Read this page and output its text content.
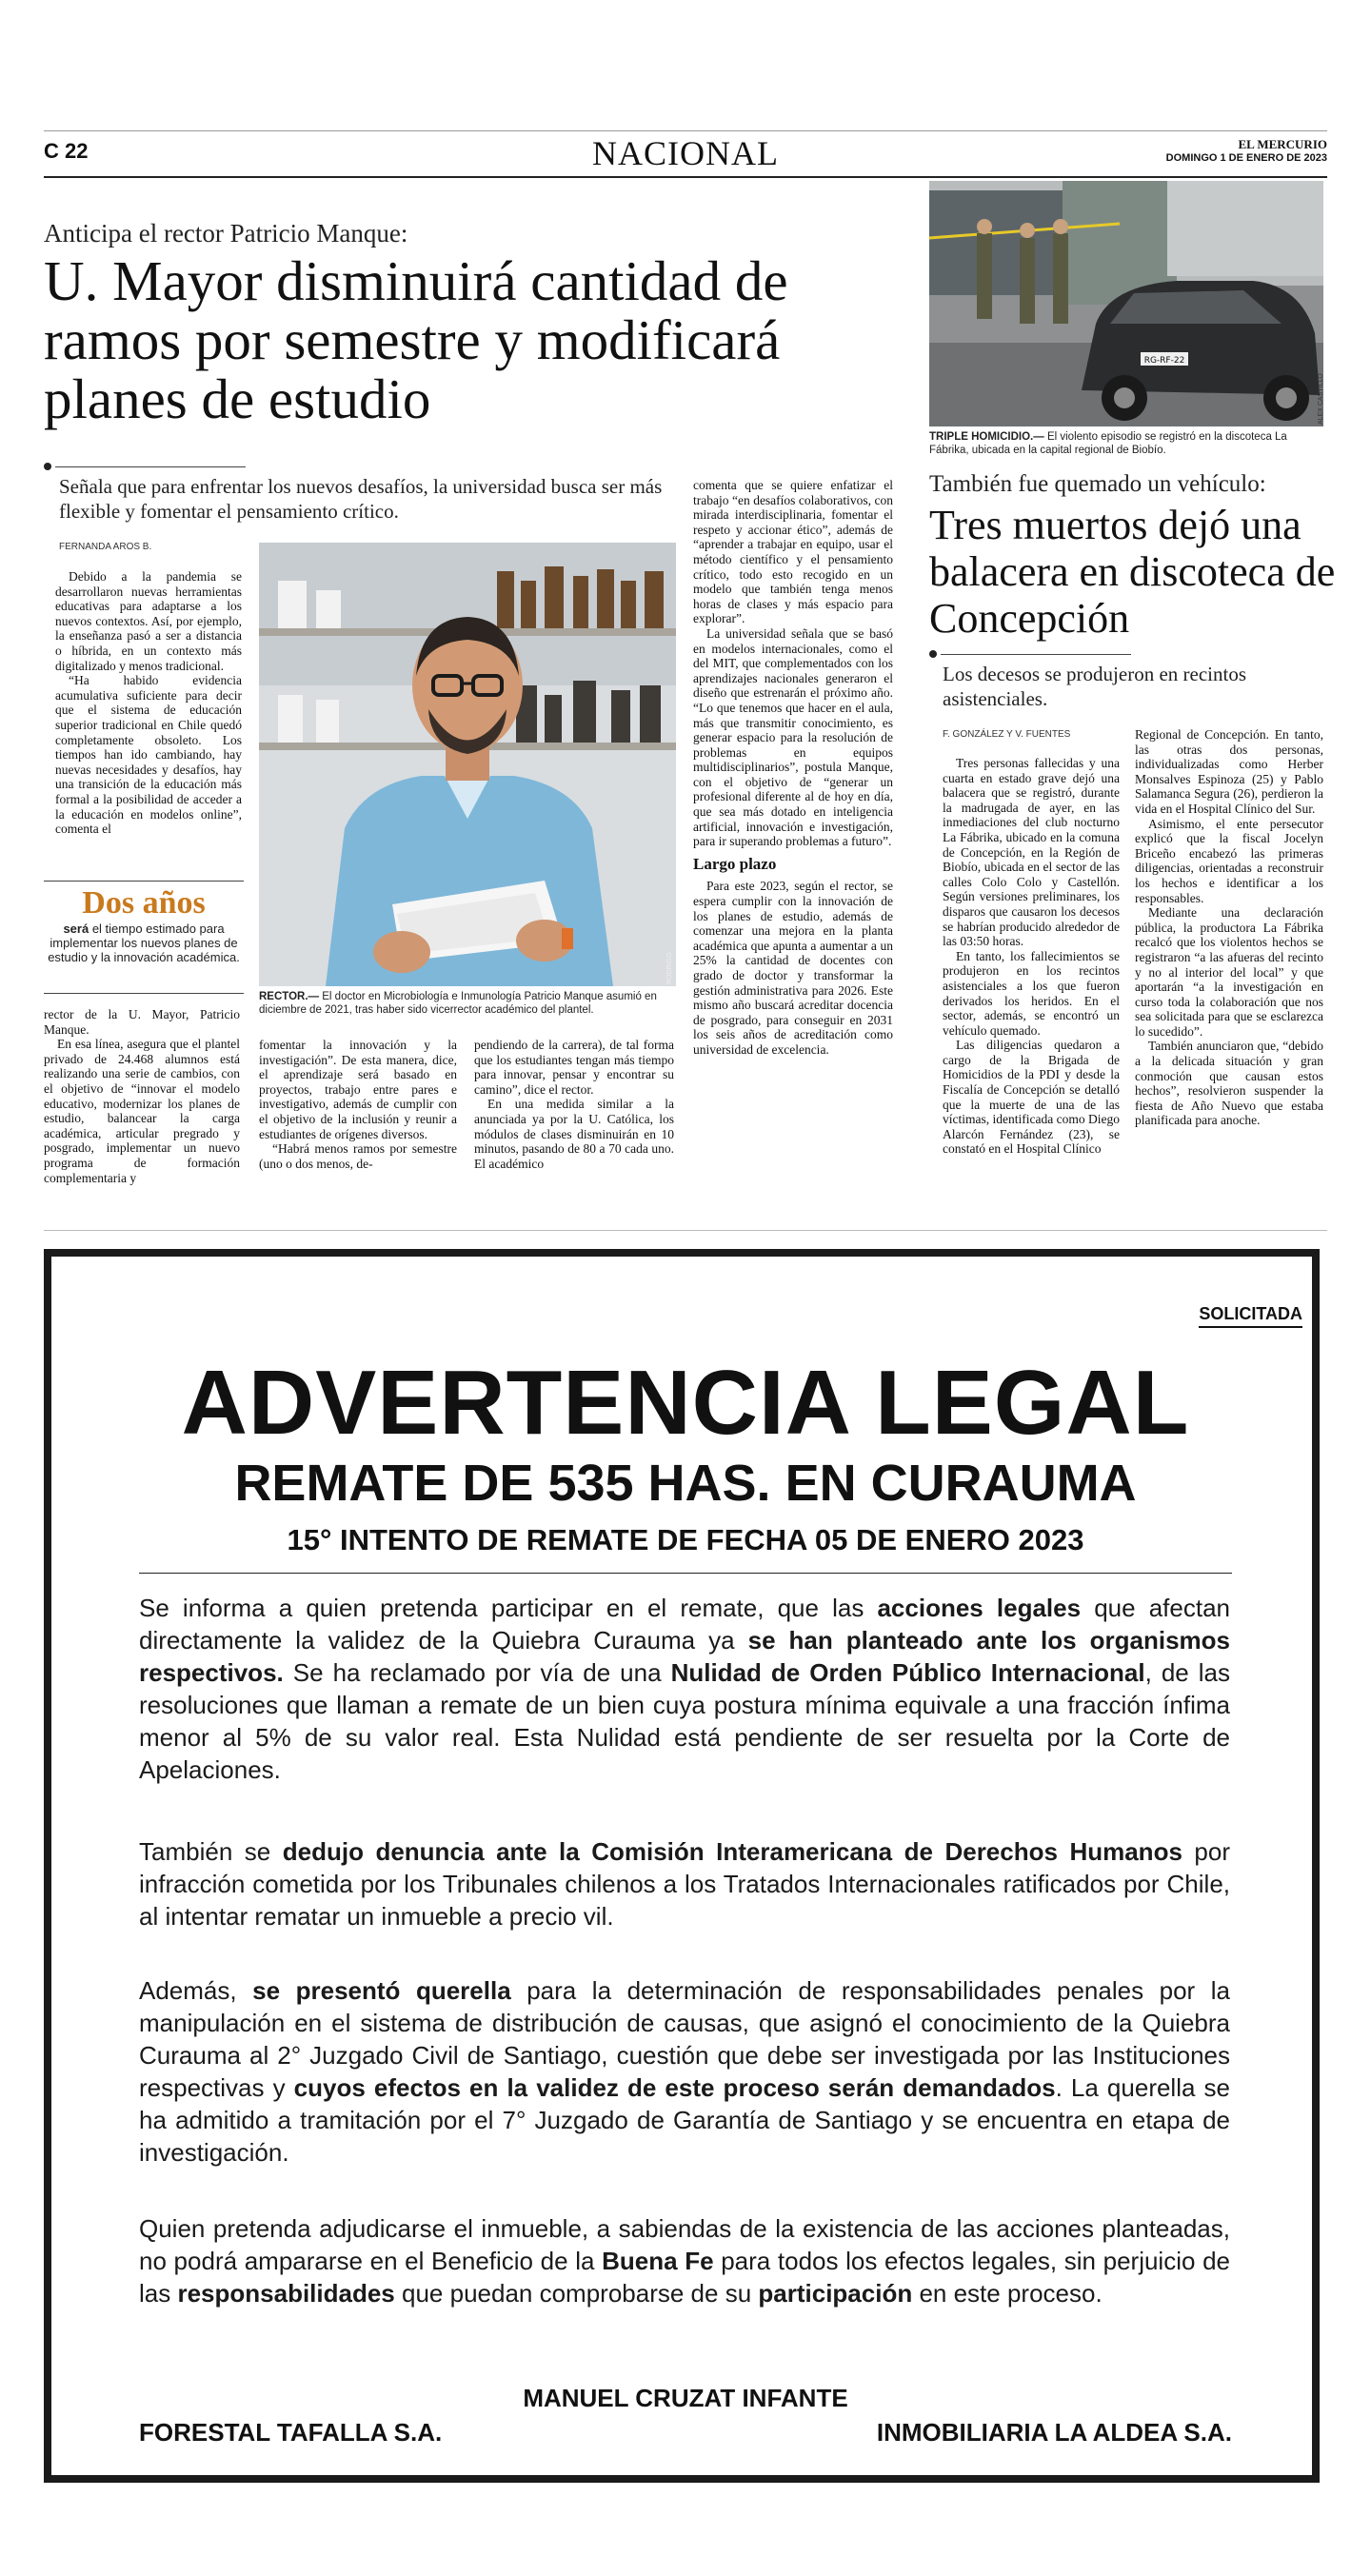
C 22	NACIONAL	EL MERCURIO
DOMINGO 1 DE ENERO DE 2023
Anticipa el rector Patricio Manque:
U. Mayor disminuirá cantidad de ramos por semestre y modificará planes de estudio
Señala que para enfrentar los nuevos desafíos, la universidad busca ser más flexible y fomentar el pensamiento crítico.
FERNANDA AROS B.

Debido a la pandemia se desarrollaron nuevas herramientas educativas para adaptarse a los nuevos contextos. Así, por ejemplo, la enseñanza pasó a ser a distancia o híbrida, en un contexto más digitalizado y menos tradicional.

“Ha habido evidencia acumulativa suficiente para decir que el sistema de educación superior tradicional en Chile quedó completamente obsoleto. Los tiempos han ido cambiando, hay nuevas necesidades y desafíos, hay una transición de la educación más formal a la posibilidad de acceder a la educación en modelos online”, comenta el

Dos años
será el tiempo estimado para implementar los nuevos planes de estudio y la innovación académica.

rector de la U. Mayor, Patricio Manque.

En esa línea, asegura que el plantel privado de 24.468 alumnos está realizando una serie de cambios, con el objetivo de “innovar el modelo educativo, modernizar los planes de estudio, balancear la carga académica, articular pregrado y posgrado, implementar un nuevo programa de formación complementaria y

RODRIGO
RECTOR.— El doctor en Microbiología e Inmunología Patricio Manque asumió en diciembre de 2021, tras haber sido vicerrector académico del plantel.

fomentar la innovación y la investigación”. De esta manera, dice, el aprendizaje será basado en proyectos, trabajo entre pares e investigativo, además de cumplir con el objetivo de la inclusión y reunir a estudiantes de orígenes diversos.

“Habrá menos ramos por semestre (uno o dos menos, de-

pendiendo de la carrera), de tal forma que los estudiantes tengan más tiempo para innovar, pensar y encontrar su camino”, dice el rector.

En una medida similar a la anunciada ya por la U. Católica, los módulos de clases disminuirán en 10 minutos, pasando de 80 a 70 cada uno. El académico

comenta que se quiere enfatizar el trabajo “en desafíos colaborativos, con mirada interdisciplinaria, fomentar el respeto y accionar ético”, además de “aprender a trabajar en equipo, usar el método científico y el pensamiento crítico, todo esto recogido en un modelo que también tenga menos horas de clases y más espacio para explorar”.

La universidad señala que se basó en modelos internacionales, como el del MIT, que complementados con los aprendizajes nacionales generaron el diseño que estrenarán el próximo año. “Lo que tenemos que hacer en el aula, más que transmitir conocimiento, es generar espacio para la resolución de problemas en equipos multidisciplinarios”, postula Manque, con el objetivo de “generar un profesional diferente al de hoy en día, que sea más dotado en inteligencia artificial, innovación e investigación, para ir superando problemas a futuro”.

Largo plazo

Para este 2023, según el rector, se espera cumplir con la innovación de los planes de estudio, además de comenzar una mejora en la planta académica que apunta a aumentar a un 25% la cantidad de docentes con grado de doctor y transformar la gestión administrativa para 2026. Este mismo año buscará acreditar docencia de posgrado, para conseguir en 2031 los seis años de acreditación como universidad de excelencia.

RG-RF-22
ALEX CASTILLO
TRIPLE HOMICIDIO.— El violento episodio se registró en la discoteca La Fábrika, ubicada en la capital regional de Biobío.
También fue quemado un vehículo:
Tres muertos dejó una balacera en discoteca de Concepción
Los decesos se produjeron en recintos asistenciales.
F. GONZÁLEZ Y V. FUENTES

Tres personas fallecidas y una cuarta en estado grave dejó una balacera que se registró, durante la madrugada de ayer, en las inmediaciones del club nocturno La Fábrika, ubicado en la comuna de Concepción, en la Región de Biobío, ubicada en el sector de las calles Colo Colo y Castellón. Según versiones preliminares, los disparos que causaron los decesos se habrían producido alrededor de las 03:50 horas.

En tanto, los fallecimientos se produjeron en los recintos asistenciales a los que fueron derivados los heridos. En el sector, además, se encontró un vehículo quemado.

Las diligencias quedaron a cargo de la Brigada de Homicidios de la PDI y desde la Fiscalía de Concepción se detalló que la muerte de una de las víctimas, identificada como Diego Alarcón Fernández (23), se constató en el Hospital Clínico

Regional de Concepción. En tanto, las otras dos personas, individualizadas como Herber Monsalves Espinoza (25) y Pablo Salamanca Segura (26), perdieron la vida en el Hospital Clínico del Sur.

Asimismo, el ente persecutor explicó que la fiscal Jocelyn Briceño encabezó las primeras diligencias, orientadas a reconstruir los hechos e identificar a los responsables.

Mediante una declaración pública, la productora La Fábrika recalcó que los violentos hechos se registraron “a las afueras del recinto y no al interior del local” y que aportarán “a la investigación en curso toda la colaboración que nos sea solicitada para que se esclarezca lo sucedido”.

También anunciaron que, “debido a la delicada situación y gran conmoción que causan estos hechos”, resolvieron suspender la fiesta de Año Nuevo que estaba planificada para anoche.

SOLICITADA
ADVERTENCIA LEGAL
REMATE DE 535 HAS. EN CURAUMA
15° INTENTO DE REMATE DE FECHA 05 DE ENERO 2023
Se informa a quien pretenda participar en el remate, que las acciones legales que afectan directamente la validez de la Quiebra Curauma ya se han planteado ante los organismos respectivos. Se ha reclamado por vía de una Nulidad de Orden Público Internacional, de las resoluciones que llaman a remate de un bien cuya postura mínima equivale a una fracción ínfima menor al 5% de su valor real. Esta Nulidad está pendiente de ser resuelta por la Corte de Apelaciones.
También se dedujo denuncia ante la Comisión Interamericana de Derechos Humanos por infracción cometida por los Tribunales chilenos a los Tratados Internacionales ratificados por Chile, al intentar rematar un inmueble a precio vil.
Además, se presentó querella para la determinación de responsabilidades penales por la manipulación en el sistema de distribución de causas, que asignó el conocimiento de la Quiebra Curauma al 2° Juzgado Civil de Santiago, cuestión que debe ser investigada por las Instituciones respectivas y cuyos efectos en la validez de este proceso serán demandados. La querella se ha admitido a tramitación por el 7° Juzgado de Garantía de Santiago y se encuentra en etapa de investigación.
Quien pretenda adjudicarse el inmueble, a sabiendas de la existencia de las acciones planteadas, no podrá ampararse en el Beneficio de la Buena Fe para todos los efectos legales, sin perjuicio de las responsabilidades que puedan comprobarse de su participación en este proceso.
MANUEL CRUZAT INFANTE
FORESTAL TAFALLA S.A.	INMOBILIARIA LA ALDEA S.A.
